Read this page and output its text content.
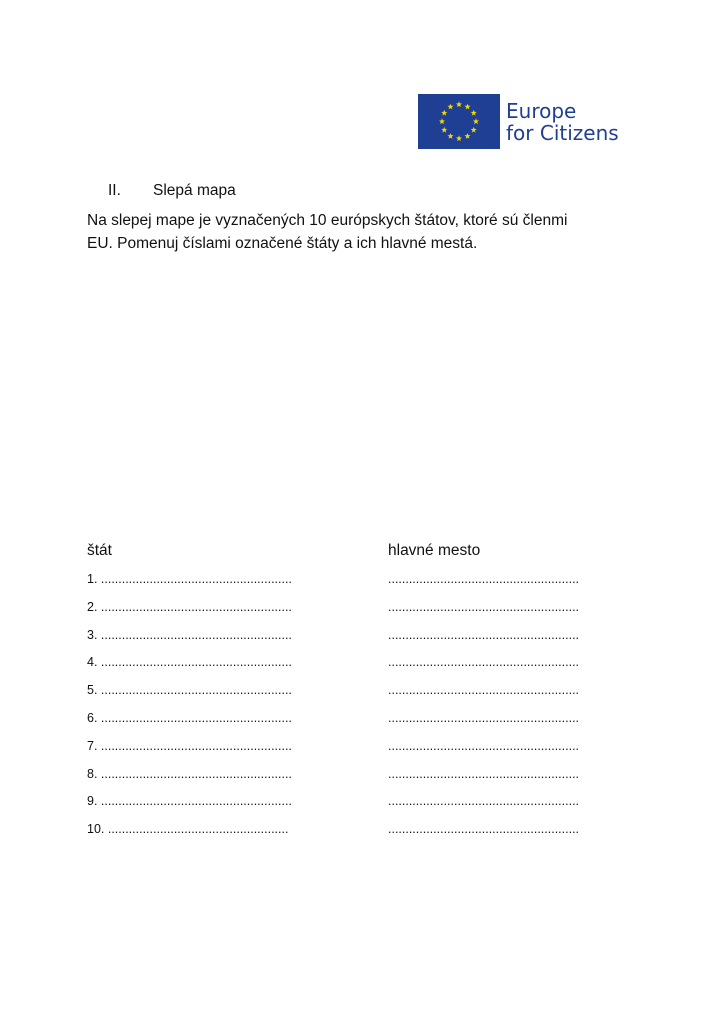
Europe
for Citizens
II. Slepá mapa
Na slepej mape je vyznačených 10 európskych štátov, ktoré sú členmi
EU. Pomenuj číslami označené štáty a ich hlavné mestá.
štát	hlavné mesto
1. .......................................................	.......................................................
2. .......................................................	.......................................................
3. .......................................................	.......................................................
4. .......................................................	.......................................................
5. .......................................................	.......................................................
6. .......................................................	.......................................................
7. .......................................................	.......................................................
8. .......................................................	.......................................................
9. .......................................................	.......................................................
10. ....................................................	.......................................................
